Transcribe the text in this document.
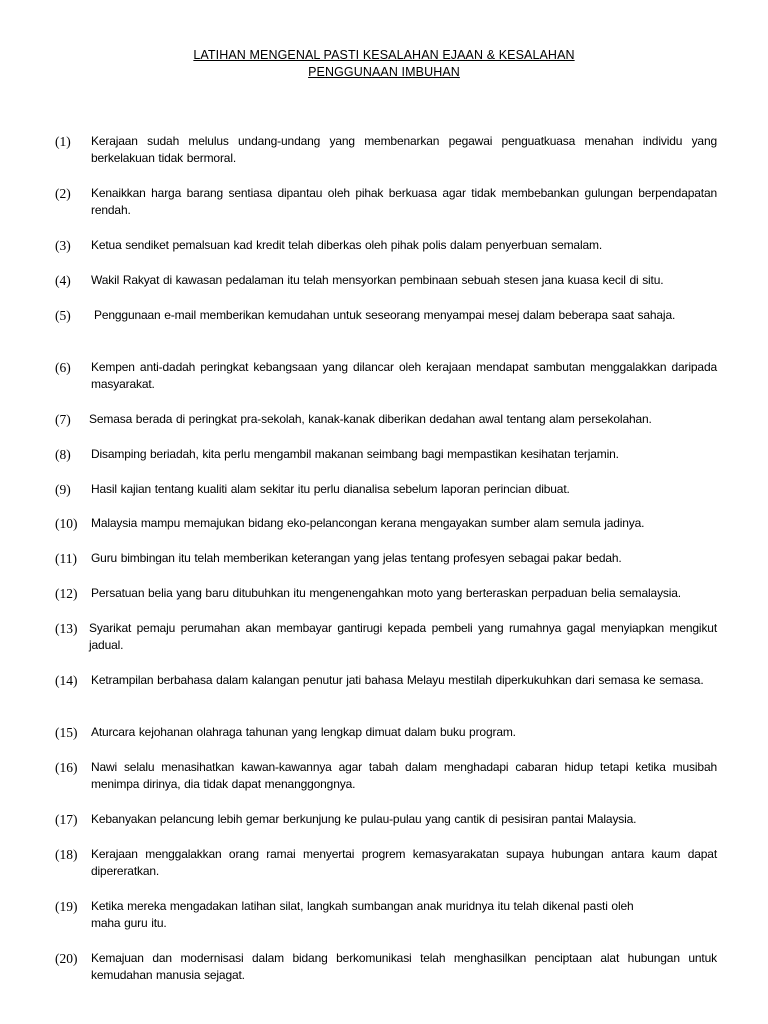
LATIHAN MENGENAL PASTI KESALAHAN EJAAN & KESALAHAN
PENGGUNAAN IMBUHAN
(1) Kerajaan sudah melulus undang-undang yang membenarkan pegawai penguatkuasa menahan individu yang berkelakuan tidak bermoral.
(2) Kenaikkan harga barang sentiasa dipantau oleh pihak berkuasa agar tidak membebankan gulungan berpendapatan rendah.
(3) Ketua sendiket pemalsuan kad kredit telah diberkas oleh pihak polis dalam penyerbuan semalam.
(4) Wakil Rakyat di kawasan pedalaman itu telah mensyorkan pembinaan sebuah stesen jana kuasa kecil di situ.
(5) Penggunaan e-mail memberikan kemudahan untuk seseorang menyampai mesej dalam beberapa saat sahaja.
(6) Kempen anti-dadah peringkat kebangsaan yang dilancar oleh kerajaan mendapat sambutan menggalakkan daripada masyarakat.
(7) Semasa berada di peringkat pra-sekolah, kanak-kanak diberikan dedahan awal tentang alam persekolahan.
(8) Disamping beriadah, kita perlu mengambil makanan seimbang bagi mempastikan kesihatan terjamin.
(9) Hasil kajian tentang kualiti alam sekitar itu perlu dianalisa sebelum laporan perincian dibuat.
(10) Malaysia mampu memajukan bidang eko-pelancongan kerana mengayakan sumber alam semula jadinya.
(11) Guru bimbingan itu telah memberikan keterangan yang jelas tentang profesyen sebagai pakar bedah.
(12) Persatuan belia yang baru ditubuhkan itu mengenengahkan moto yang berteraskan perpaduan belia semalaysia.
(13) Syarikat pemaju perumahan akan membayar gantirugi kepada pembeli yang rumahnya gagal menyiapkan mengikut jadual.
(14) Ketrampilan berbahasa dalam kalangan penutur jati bahasa Melayu mestilah diperkukuhkan dari semasa ke semasa.
(15) Aturcara kejohanan olahraga tahunan yang lengkap dimuat dalam buku program.
(16) Nawi selalu menasihatkan kawan-kawannya agar tabah dalam menghadapi cabaran hidup tetapi ketika musibah menimpa dirinya, dia tidak dapat menanggongnya.
(17) Kebanyakan pelancung lebih gemar berkunjung ke pulau-pulau yang cantik di pesisiran pantai Malaysia.
(18) Kerajaan menggalakkan orang ramai menyertai progrem kemasyarakatan supaya hubungan antara kaum dapat dipereratkan.
(19) Ketika mereka mengadakan latihan silat, langkah sumbangan anak muridnya itu telah dikenal pasti oleh
maha guru itu.
(20) Kemajuan dan modernisasi dalam bidang berkomunikasi telah menghasilkan penciptaan alat hubungan untuk kemudahan manusia sejagat.
